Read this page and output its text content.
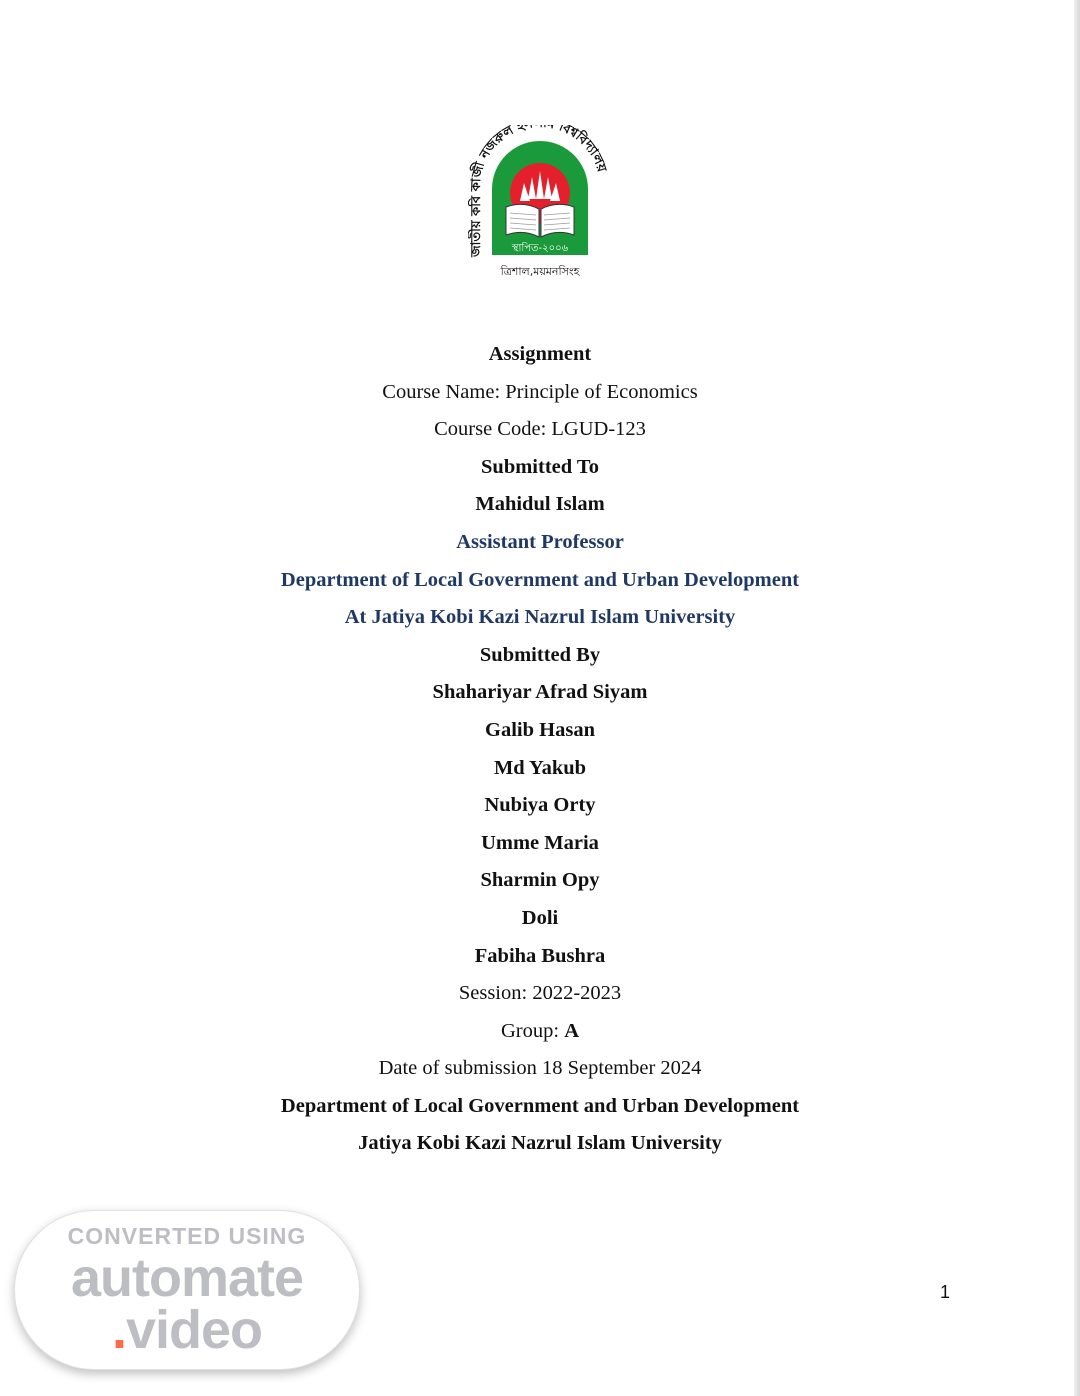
জাতীয় কবি কাজী নজরুল ই বিশ্ববিদ্যালয়
স্থাপিত-২০০৬
ত্রিশাল,ময়মনসিংহ
Assignment
Course Name: Principle of Economics
Course Code: LGUD-123
Submitted To
Mahidul Islam
Assistant Professor
Department of Local Government and Urban Development
At Jatiya Kobi Kazi Nazrul Islam University
Submitted By
Shahariyar Afrad Siyam
Galib Hasan
Md Yakub
Nubiya Orty
Umme Maria
Sharmin Opy
Doli
Fabiha Bushra
Session: 2022-2023
Group: A
Date of submission 18 September 2024
Department of Local Government and Urban Development
Jatiya Kobi Kazi Nazrul Islam University
1
CONVERTED USING
automate
.video
